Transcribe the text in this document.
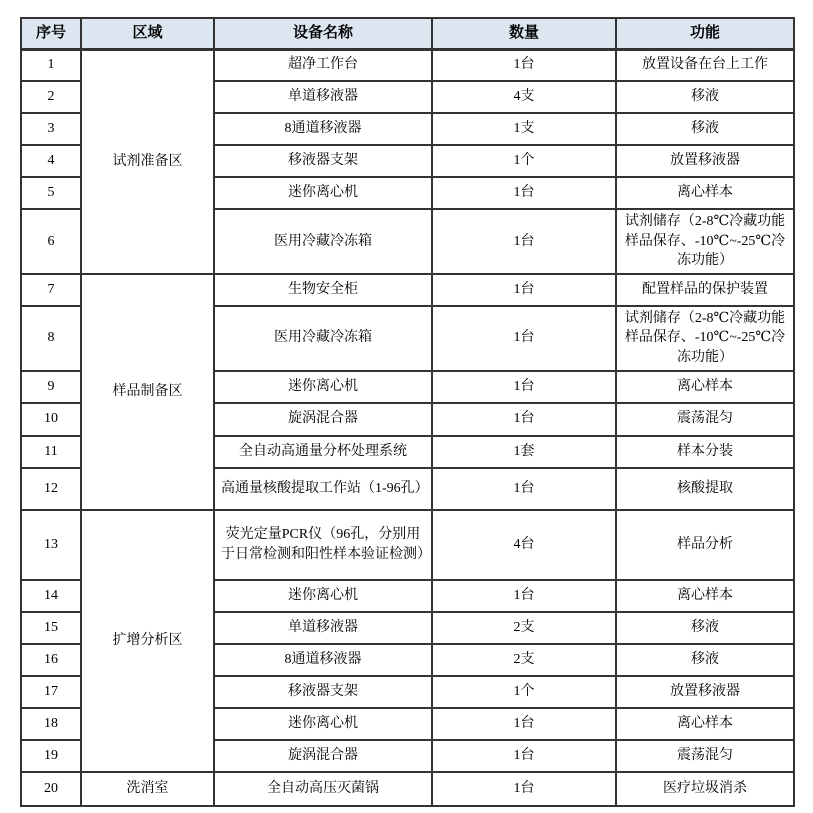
序号	区域	设备名称	数量	功能
1	试剂准备区	超净工作台	1台	放置设备在台上工作
2		单道移液器	4支	移液
3		8通道移液器	1支	移液
4		移液器支架	1个	放置移液器
5		迷你离心机	1台	离心样本
6		医用冷藏冷冻箱	1台	试剂储存（2-8℃冷藏功能样品保存、-10℃~-25℃冷冻功能）
7	样品制备区	生物安全柜	1台	配置样品的保护装置
8		医用冷藏冷冻箱	1台	试剂储存（2-8℃冷藏功能样品保存、-10℃~-25℃冷冻功能）
9		迷你离心机	1台	离心样本
10		旋涡混合器	1台	震荡混匀
11		全自动高通量分杯处理系统	1套	样本分装
12		高通量核酸提取工作站（1-96孔）	1台	核酸提取
13	扩增分析区	荧光定量PCR仪（96孔，分别用于日常检测和阳性样本验证检测）	4台	样品分析
14		迷你离心机	1台	离心样本
15		单道移液器	2支	移液
16		8通道移液器	2支	移液
17		移液器支架	1个	放置移液器
18		迷你离心机	1台	离心样本
19		旋涡混合器	1台	震荡混匀
20	洗消室	全自动高压灭菌锅	1台	医疗垃圾消杀
